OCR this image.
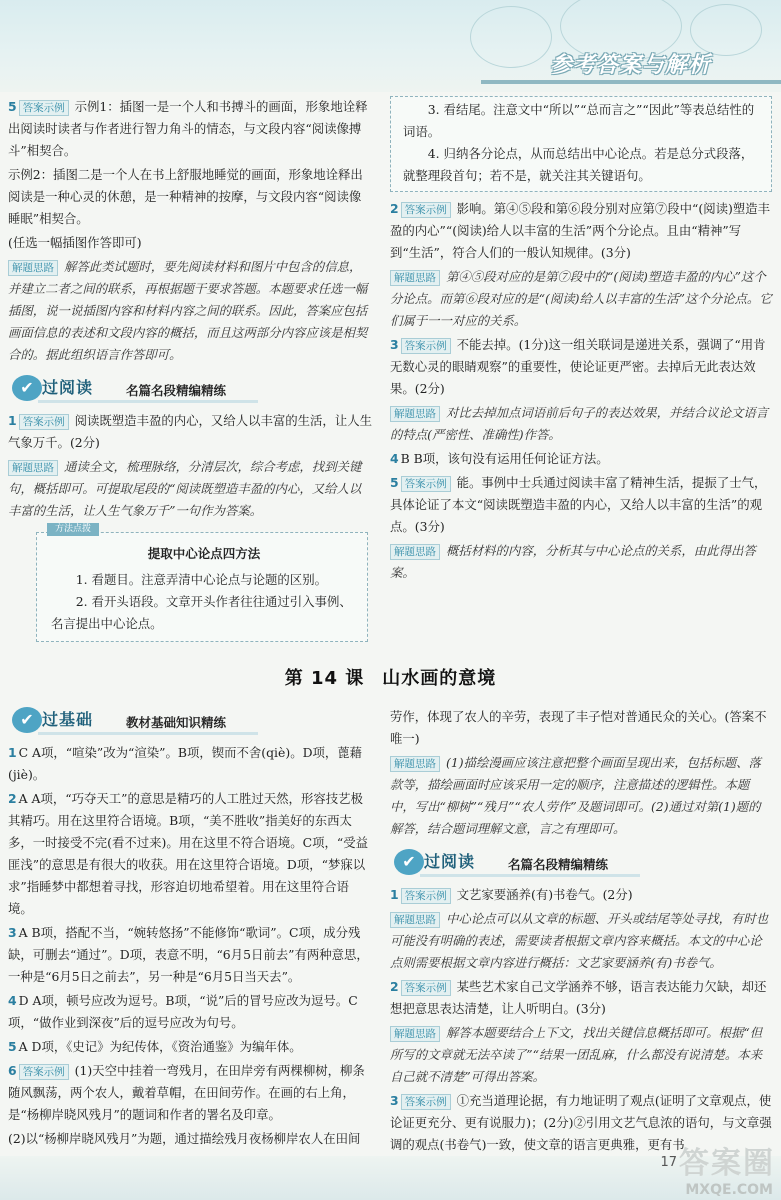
参考答案与解析
5 答案示例 示例1：插图一是一个人和书搏斗的画面，形象地诠释出阅读时读者与作者进行智力角斗的情态，与文段内容“阅读像搏斗”相契合。
示例2：插图二是一个人在书上舒服地睡觉的画面，形象地诠释出阅读是一种心灵的休憩，是一种精神的按摩，与文段内容“阅读像睡眠”相契合。
(任选一幅插图作答即可)
解题思路 解答此类试题时，要先阅读材料和图片中包含的信息，并建立二者之间的联系，再根据题干要求答题。本题要求任选一幅插图，说一说插图内容和材料内容之间的联系。因此，答案应包括画面信息的表述和文段内容的概括，而且这两部分内容应该是相契合的。据此组织语言作答即可。
✔ 过阅读	名篇名段精编精练
1 答案示例 阅读既塑造丰盈的内心，又给人以丰富的生活，让人生气象万千。(2分)
解题思路 通读全文，梳理脉络，分清层次，综合考虑，找到关键句，概括即可。可提取尾段的“阅读既塑造丰盈的内心，又给人以丰富的生活，让人生气象万千”一句作为答案。
方法点拨
提取中心论点四方法

1. 看题目。注意弄清中心论点与论题的区别。

2. 看开头语段。文章开头作者往往通过引入事例、名言提出中心论点。

3. 看结尾。注意文中“所以”“总而言之”“因此”等表总结性的词语。

4. 归纳各分论点，从而总结出中心论点。若是总分式段落，就整理段首句；若不是，就关注其关键语句。

2 答案示例 影响。第④⑤段和第⑥段分别对应第⑦段中“(阅读)塑造丰盈的内心”“(阅读)给人以丰富的生活”两个分论点。且由“精神”写到“生活”，符合人们的一般认知规律。(3分)
解题思路 第④⑤段对应的是第⑦段中的“(阅读)塑造丰盈的内心”这个分论点。而第⑥段对应的是“(阅读)给人以丰富的生活”这个分论点。它们属于一一对应的关系。
3 答案示例 不能去掉。(1分)这一组关联词是递进关系，强调了“用肯无数心灵的眼睛观察”的重要性，使论证更严密。去掉后无此表达效果。(2分)
解题思路 对比去掉加点词语前后句子的表达效果，并结合议论文语言的特点(严密性、准确性)作答。
4 B B项，该句没有运用任何论证方法。
5 答案示例 能。事例中士兵通过阅读丰富了精神生活，提振了士气，具体论证了本文“阅读既塑造丰盈的内心，又给人以丰富的生活”的观点。(3分)
解题思路 概括材料的内容，分析其与中心论点的关系，由此得出答案。
第 14 课 山水画的意境
✔ 过基础	教材基础知识精练
1 C A项，“喧染”改为“渲染”。B项，锲而不舍(qiè)。D项，蓖藉(jiè)。
2 A A项，“巧夺天工”的意思是精巧的人工胜过天然，形容技艺极其精巧。用在这里符合语境。B项，“美不胜收”指美好的东西太多，一时接受不完(看不过来)。用在这里不符合语境。C项，“受益匪浅”的意思是有很大的收获。用在这里符合语境。D项，“梦寐以求”指睡梦中都想着寻找，形容迫切地希望着。用在这里符合语境。
3 A B项，搭配不当，“婉转悠扬”不能修饰“歌词”。C项，成分残缺，可删去“通过”。D项，表意不明，“6月5日前去”有两种意思，一种是“6月5日之前去”，另一种是“6月5日当天去”。
4 D A项，顿号应改为逗号。B项，“说”后的冒号应改为逗号。C项，“做作业到深夜”后的逗号应改为句号。
5 A D项，《史记》为纪传体，《资治通鉴》为编年体。
6 答案示例 (1)天空中挂着一弯残月，在田岸旁有两棵柳树，柳条随风飘荡，两个农人，戴着草帽，在田间劳作。在画的右上角，是“杨柳岸晓风残月”的题词和作者的署名及印章。
(2)以“杨柳岸晓风残月”为题，通过描绘残月夜杨柳岸农人在田间
劳作，体现了农人的辛劳，表现了丰子恺对普通民众的关心。(答案不唯一)
解题思路 (1)描绘漫画应该注意把整个画面呈现出来，包括标题、落款等，描绘画面时应该采用一定的顺序，注意描述的逻辑性。本题中，写出“柳树”“残月”“农人劳作”及题词即可。(2)通过对第(1)题的解答，结合题词理解文意，言之有理即可。
✔ 过阅读	名篇名段精编精练
1 答案示例 文艺家要涵养(有)书卷气。(2分)
解题思路 中心论点可以从文章的标题、开头或结尾等处寻找，有时也可能没有明确的表述，需要读者根据文章内容来概括。本文的中心论点则需要根据文章内容进行概括：文艺家要涵养(有)书卷气。
2 答案示例 某些艺术家自己文学涵养不够，语言表达能力欠缺，却还想把意思表达清楚，让人听明白。(3分)
解题思路 解答本题要结合上下文，找出关键信息概括即可。根据“但所写的文章就无法卒读了”“结果一团乱麻，什么都没有说清楚。本来自己就不清楚”可得出答案。
3 答案示例 ①充当道理论据，有力地证明了观点(证明了文章观点，使论证更充分、更有说服力)；(2分)②引用文艺气息浓的语句，与文章强调的观点(书卷气)一致，使文章的语言更典雅，更有书
17 答案圈
MXQE.COM
